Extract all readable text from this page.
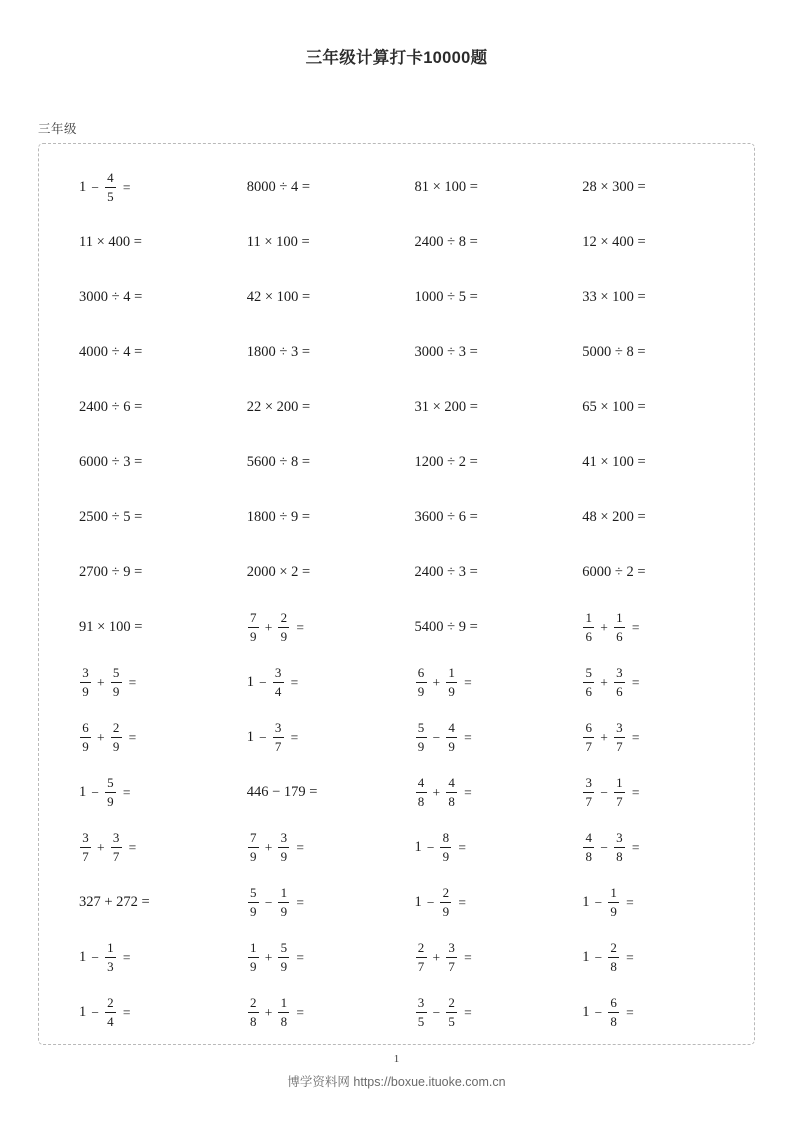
三年级计算打卡10000题
三年级
$1 - \frac{4}{5}$ =	8000 ÷ 4 =	81 × 100 =	28 × 300 =
11 × 400 =	11 × 100 =	2400 ÷ 8 =	12 × 400 =
3000 ÷ 4 =	42 × 100 =	1000 ÷ 5 =	33 × 100 =
4000 ÷ 4 =	1800 ÷ 3 =	3000 ÷ 3 =	5000 ÷ 8 =
2400 ÷ 6 =	22 × 200 =	31 × 200 =	65 × 100 =
6000 ÷ 3 =	5600 ÷ 8 =	1200 ÷ 2 =	41 × 100 =
2500 ÷ 5 =	1800 ÷ 9 =	3600 ÷ 6 =	48 × 200 =
2700 ÷ 9 =	2000 × 2 =	2400 ÷ 3 =	6000 ÷ 2 =
91 × 100 =	$\frac{7}{9} + \frac{2}{9}$ =	5400 ÷ 9 =	$\frac{1}{6} + \frac{1}{6}$ =
$\frac{3}{9} + \frac{5}{9}$ =	$1 - \frac{3}{4}$ =	$\frac{6}{9} + \frac{1}{9}$ =	$\frac{5}{6} + \frac{3}{6}$ =
$\frac{6}{9} + \frac{2}{9}$ =	$1 - \frac{3}{7}$ =	$\frac{5}{9} - \frac{4}{9}$ =	$\frac{6}{7} + \frac{3}{7}$ =
$1 - \frac{5}{9}$ =	446 − 179 =	$\frac{4}{8} + \frac{4}{8}$ =	$\frac{3}{7} - \frac{1}{7}$ =
$\frac{3}{7} + \frac{3}{7}$ =	$\frac{7}{9} + \frac{3}{9}$ =	$1 - \frac{8}{9}$ =	$\frac{4}{8} - \frac{3}{8}$ =
327 + 272 =	$\frac{5}{9} - \frac{1}{9}$ =	$1 - \frac{2}{9}$ =	$1 - \frac{1}{9}$ =
$1 - \frac{1}{3}$ =	$\frac{1}{9} + \frac{5}{9}$ =	$\frac{2}{7} + \frac{3}{7}$ =	$1 - \frac{2}{8}$ =
$1 - \frac{2}{4}$ =	$\frac{2}{8} + \frac{1}{8}$ =	$\frac{3}{5} - \frac{2}{5}$ =	$1 - \frac{6}{8}$ =
1
博学资料网 https://boxue.ituoke.com.cn
